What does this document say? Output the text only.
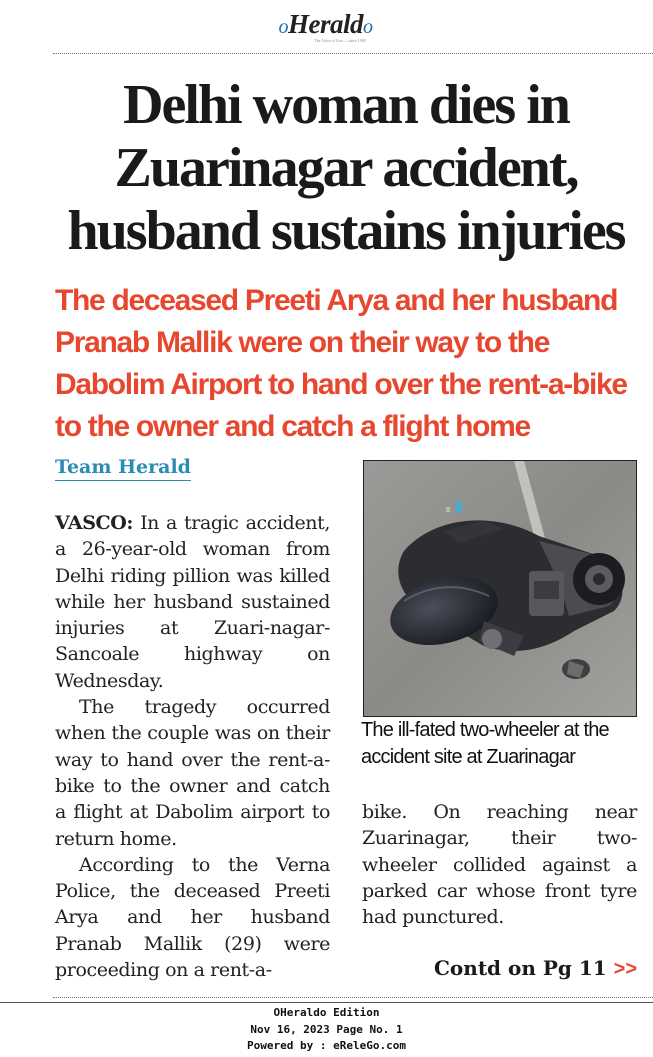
oHeraldo
The Voice of Goa — since 1900
Delhi woman dies in Zuarinagar accident, husband sustains injuries

The deceased Preeti Arya and her husband Pranab Mallik were on their way to the Dabolim Airport to hand over the rent-a-bike to the owner and catch a flight home

Team Herald

VASCO: In a tragic accident, a 26-year-old woman from Delhi riding pillion was killed while her husband sustained injuries at Zuari-nagar-Sancoale highway on Wednesday.

The tragedy occurred when the couple was on their way to hand over the rent-a-bike to the owner and catch a flight at Dabolim airport to return home.

According to the Verna Police, the deceased Preeti Arya and her husband Pranab Mallik (29) were proceeding on a rent-a-

The ill-fated two-wheeler at the accident site at Zuarinagar

bike. On reaching near Zuarinagar, their two-wheeler collided against a parked car whose front tyre had punctured.

Contd on Pg 11 >>
OHeraldo Edition
Nov 16, 2023 Page No. 1
Powered by : eReleGo.com
